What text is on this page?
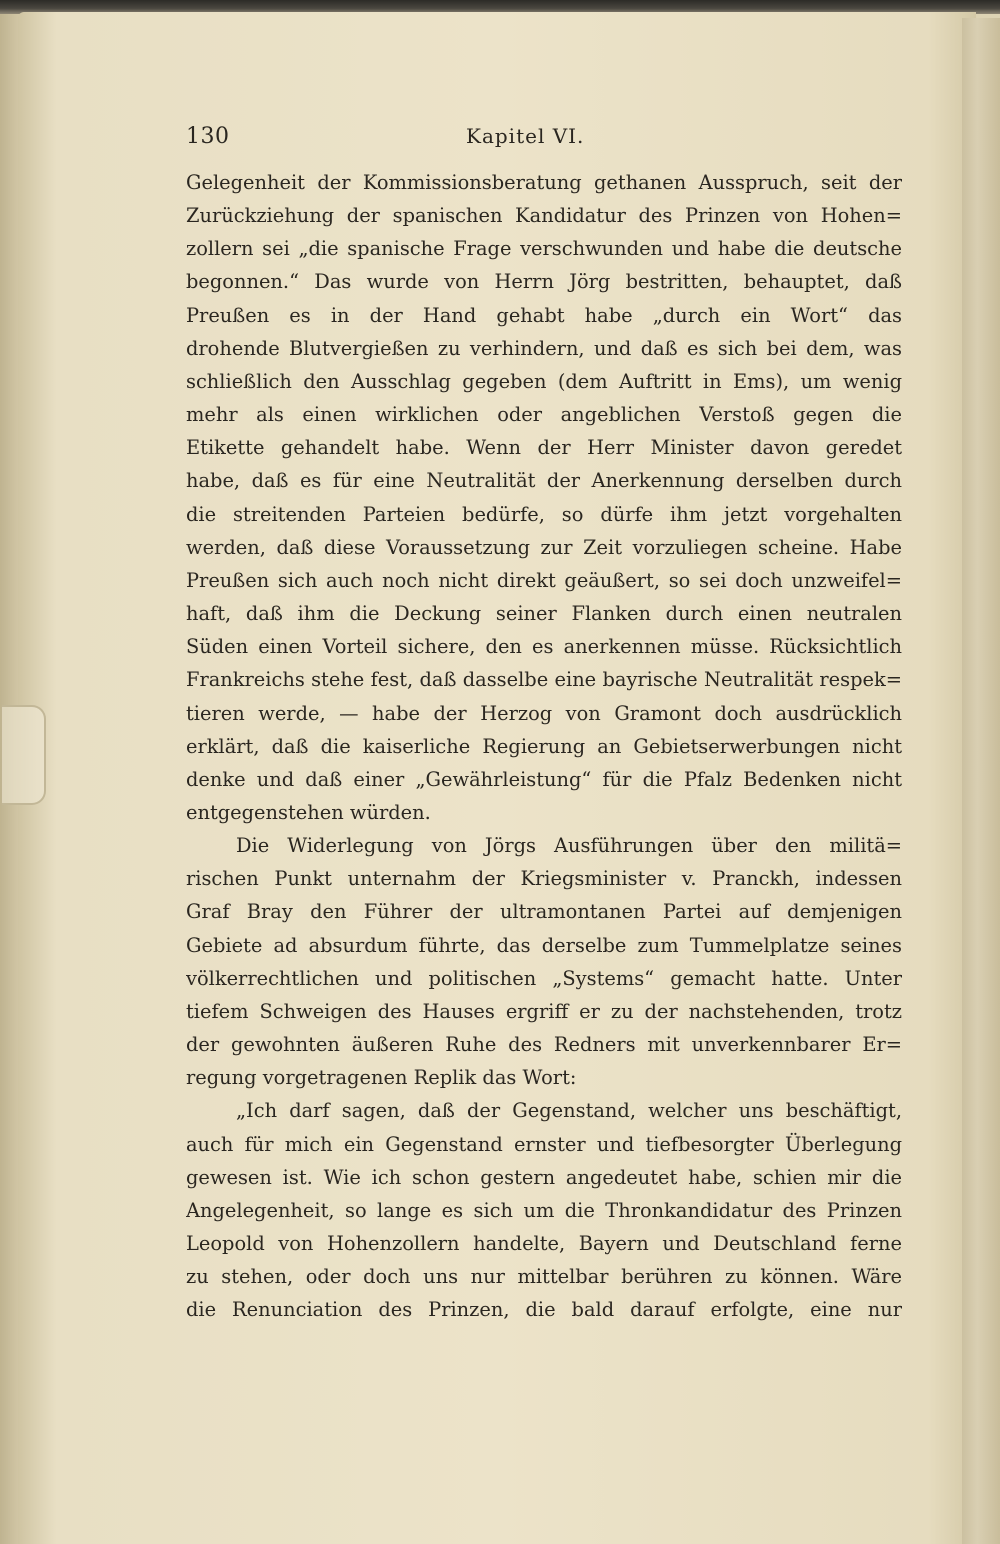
130	Kapitel VI.

Gelegenheit der Kommissionsberatung gethanen Ausspruch, seit der
Zurückziehung der spanischen Kandidatur des Prinzen von Hohen=
zollern sei „die spanische Frage verschwunden und habe die deutsche
begonnen.“ Das wurde von Herrn Jörg bestritten, behauptet, daß
Preußen es in der Hand gehabt habe „durch ein Wort“ das
drohende Blutvergießen zu verhindern, und daß es sich bei dem, was
schließlich den Ausschlag gegeben (dem Auftritt in Ems), um wenig
mehr als einen wirklichen oder angeblichen Verstoß gegen die
Etikette gehandelt habe. Wenn der Herr Minister davon geredet
habe, daß es für eine Neutralität der Anerkennung derselben durch
die streitenden Parteien bedürfe, so dürfe ihm jetzt vorgehalten
werden, daß diese Voraussetzung zur Zeit vorzuliegen scheine. Habe
Preußen sich auch noch nicht direkt geäußert, so sei doch unzweifel=
haft, daß ihm die Deckung seiner Flanken durch einen neutralen
Süden einen Vorteil sichere, den es anerkennen müsse. Rücksichtlich
Frankreichs stehe fest, daß dasselbe eine bayrische Neutralität respek=
tieren werde, — habe der Herzog von Gramont doch ausdrücklich
erklärt, daß die kaiserliche Regierung an Gebietserwerbungen nicht
denke und daß einer „Gewährleistung“ für die Pfalz Bedenken nicht
entgegenstehen würden.

Die Widerlegung von Jörgs Ausführungen über den militä=
rischen Punkt unternahm der Kriegsminister v. Pranckh, indessen
Graf Bray den Führer der ultramontanen Partei auf demjenigen
Gebiete ad absurdum führte, das derselbe zum Tummelplatze seines
völkerrechtlichen und politischen „Systems“ gemacht hatte. Unter
tiefem Schweigen des Hauses ergriff er zu der nachstehenden, trotz
der gewohnten äußeren Ruhe des Redners mit unverkennbarer Er=
regung vorgetragenen Replik das Wort:

„Ich darf sagen, daß der Gegenstand, welcher uns beschäftigt,
auch für mich ein Gegenstand ernster und tiefbesorgter Überlegung
gewesen ist. Wie ich schon gestern angedeutet habe, schien mir die
Angelegenheit, so lange es sich um die Thronkandidatur des Prinzen
Leopold von Hohenzollern handelte, Bayern und Deutschland ferne
zu stehen, oder doch uns nur mittelbar berühren zu können. Wäre
die Renunciation des Prinzen, die bald darauf erfolgte, eine nur
